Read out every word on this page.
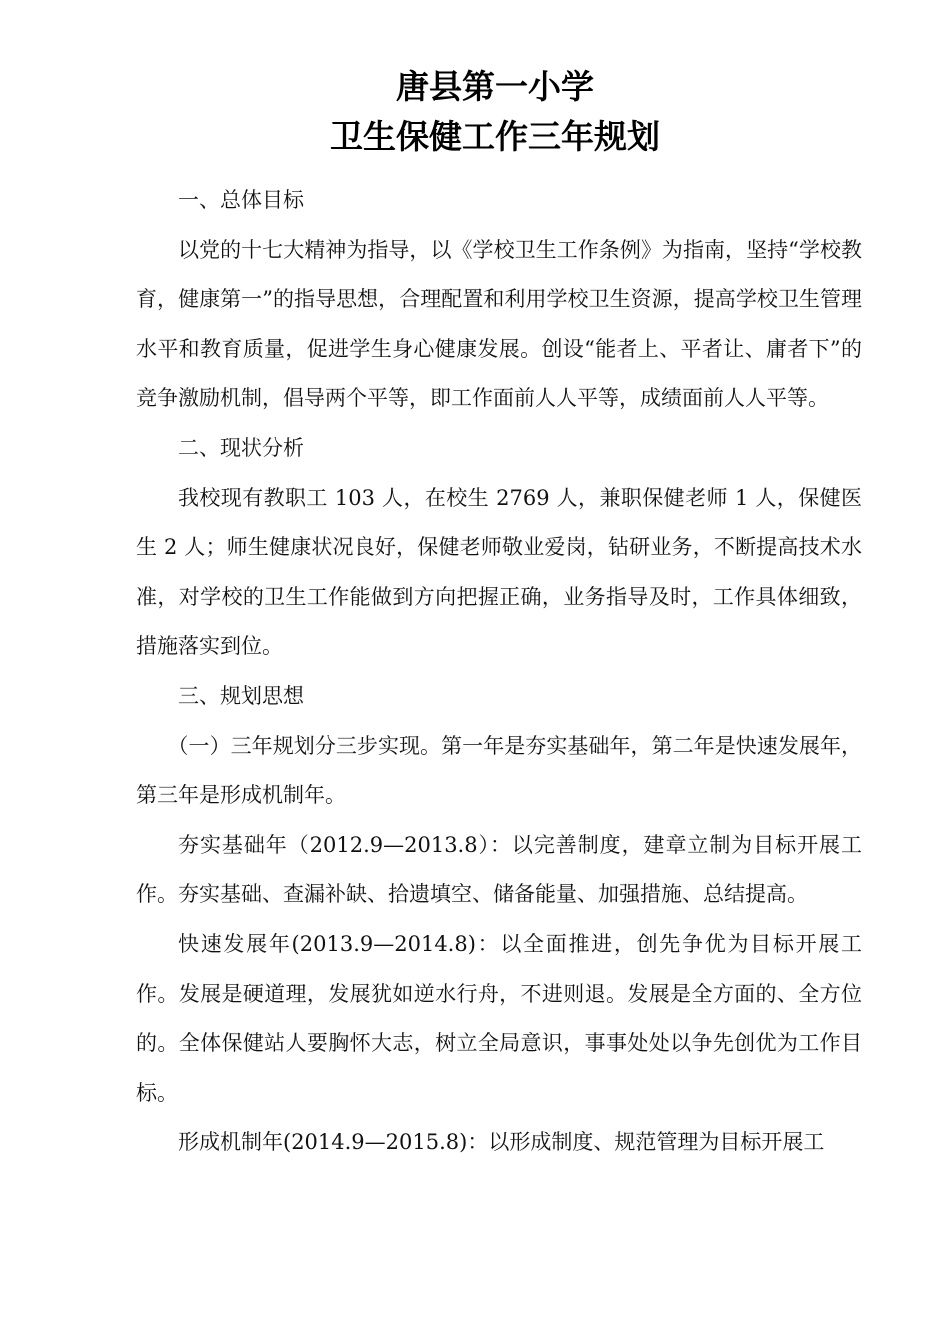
唐县第一小学
卫生保健工作三年规划

一、总体目标

以党的十七大精神为指导，以《学校卫生工作条例》为指南，坚持“学校教育，健康第一”的指导思想，合理配置和利用学校卫生资源，提高学校卫生管理水平和教育质量，促进学生身心健康发展。创设“能者上、平者让、庸者下”的竞争激励机制，倡导两个平等，即工作面前人人平等，成绩面前人人平等。

二、现状分析

我校现有教职工 103 人，在校生 2769 人，兼职保健老师 1 人，保健医生 2 人；师生健康状况良好，保健老师敬业爱岗，钻研业务，不断提高技术水准，对学校的卫生工作能做到方向把握正确，业务指导及时，工作具体细致，措施落实到位。

三、规划思想

（一）三年规划分三步实现。第一年是夯实基础年，第二年是快速发展年，第三年是形成机制年。

夯实基础年（2012.9—2013.8）：以完善制度，建章立制为目标开展工作。夯实基础、查漏补缺、拾遗填空、储备能量、加强措施、总结提高。

快速发展年(2013.9—2014.8)：以全面推进，创先争优为目标开展工作。发展是硬道理，发展犹如逆水行舟，不进则退。发展是全方面的、全方位的。全体保健站人要胸怀大志，树立全局意识，事事处处以争先创优为工作目标。

形成机制年(2014.9—2015.8)：以形成制度、规范管理为目标开展工
